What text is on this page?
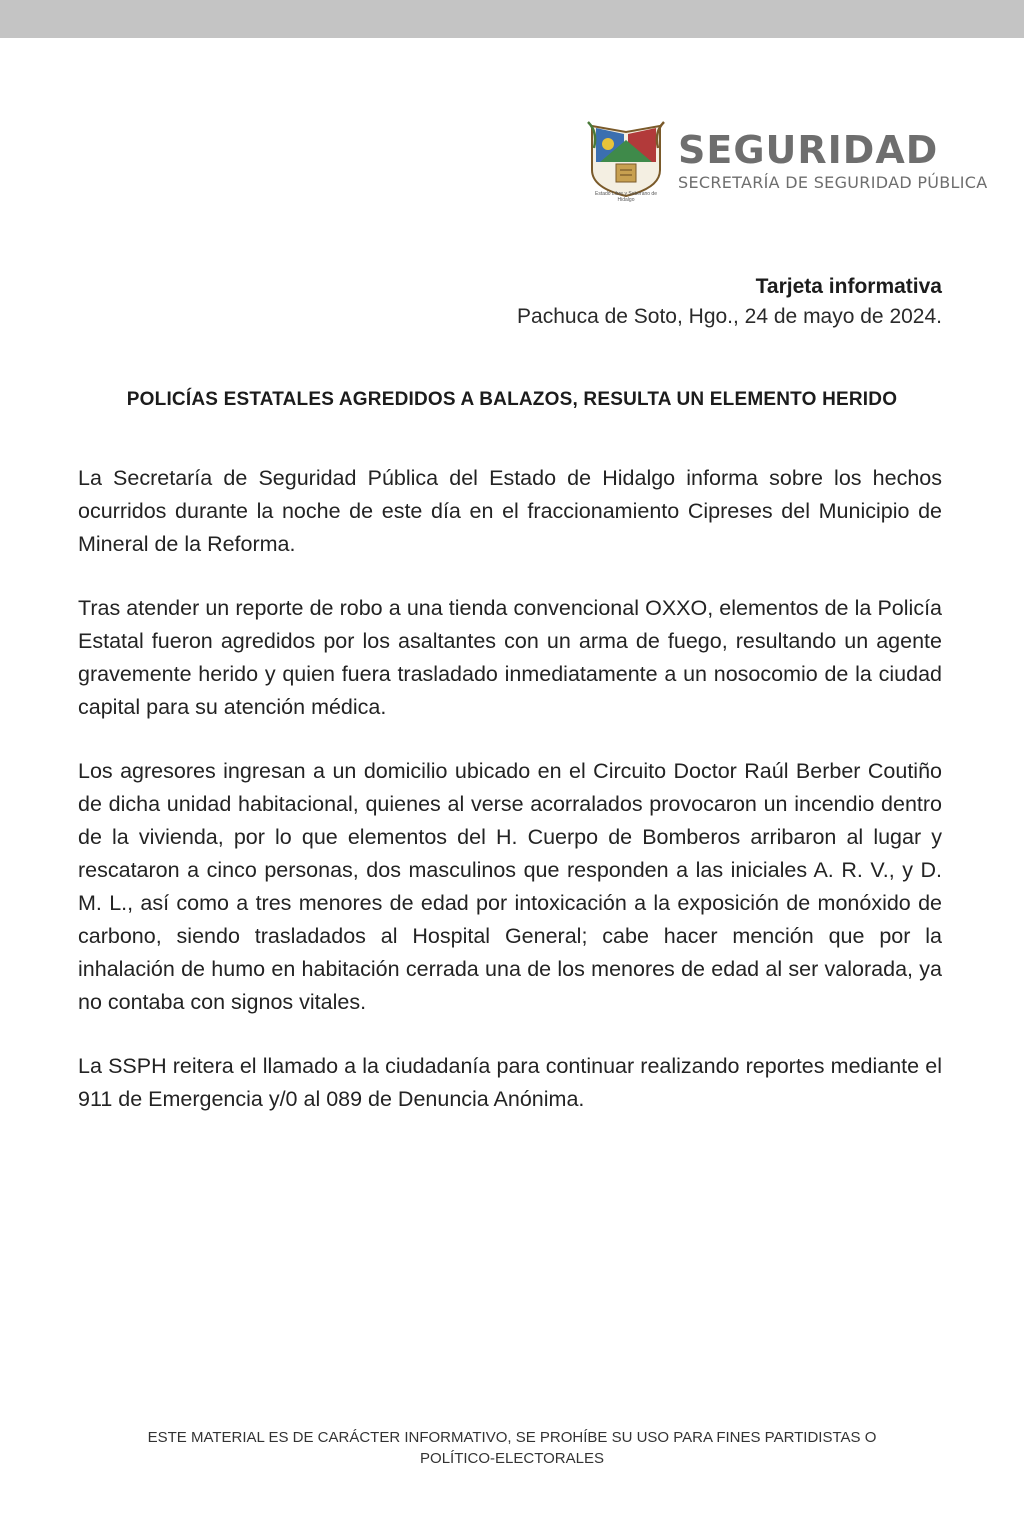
Estado Libre y Soberano de Hidalgo
SEGURIDAD
SECRETARÍA DE SEGURIDAD PÚBLICA
Tarjeta informativa
Pachuca de Soto, Hgo., 24 de mayo de 2024.
POLICÍAS ESTATALES AGREDIDOS A BALAZOS, RESULTA UN ELEMENTO HERIDO

La Secretaría de Seguridad Pública del Estado de Hidalgo informa sobre los hechos ocurridos durante la noche de este día en el fraccionamiento Cipreses del Municipio de Mineral de la Reforma.

Tras atender un reporte de robo a una tienda convencional OXXO, elementos de la Policía Estatal fueron agredidos por los asaltantes con un arma de fuego, resultando un agente gravemente herido y quien fuera trasladado inmediatamente a un nosocomio de la ciudad capital para su atención médica.

Los agresores ingresan a un domicilio ubicado en el Circuito Doctor Raúl Berber Coutiño de dicha unidad habitacional, quienes al verse acorralados provocaron un incendio dentro de la vivienda, por lo que elementos del H. Cuerpo de Bomberos arribaron al lugar y rescataron a cinco personas, dos masculinos que responden a las iniciales A. R. V., y D. M. L., así como a tres menores de edad por intoxicación a la exposición de monóxido de carbono, siendo trasladados al Hospital General; cabe hacer mención que por la inhalación de humo en habitación cerrada una de los menores de edad al ser valorada, ya no contaba con signos vitales.

La SSPH reitera el llamado a la ciudadanía para continuar realizando reportes mediante el 911 de Emergencia y/0 al 089 de Denuncia Anónima.

ESTE MATERIAL ES DE CARÁCTER INFORMATIVO, SE PROHÍBE SU USO PARA FINES PARTIDISTAS O
POLÍTICO-ELECTORALES
